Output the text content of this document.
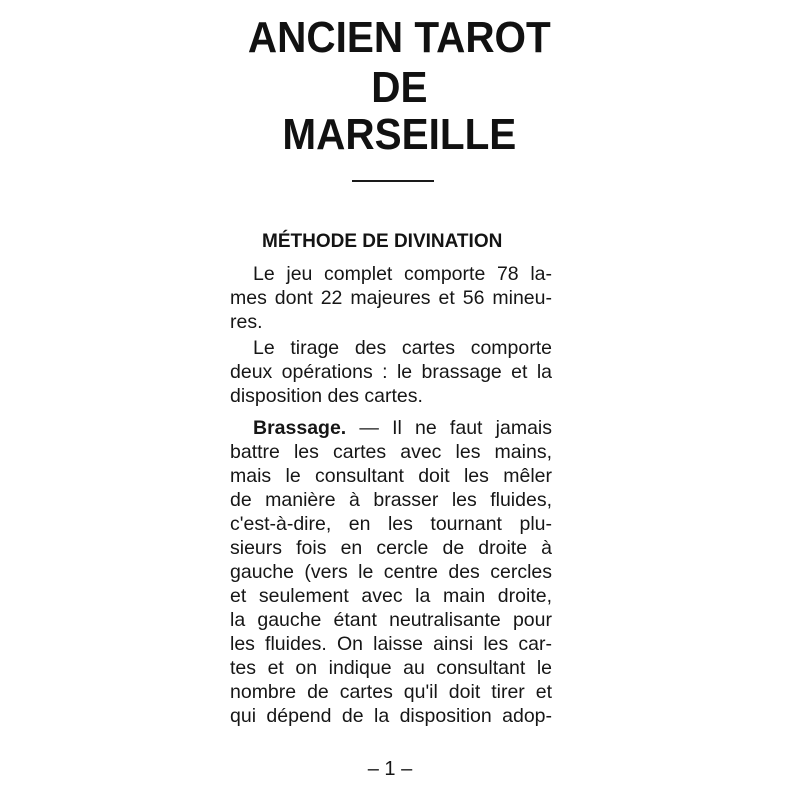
ANCIEN TAROT
DE
MARSEILLE
MÉTHODE DE DIVINATION
Le jeu complet comporte 78 la-
mes dont 22 majeures et 56 mineu-
res.
Le tirage des cartes comporte
deux opérations : le brassage et la
disposition des cartes.
Brassage. — Il ne faut jamais
battre les cartes avec les mains,
mais le consultant doit les mêler
de manière à brasser les fluides,
c'est-à-dire, en les tournant plu-
sieurs fois en cercle de droite à
gauche (vers le centre des cercles
et seulement avec la main droite,
la gauche étant neutralisante pour
les fluides. On laisse ainsi les car-
tes et on indique au consultant le
nombre de cartes qu'il doit tirer et
qui dépend de la disposition adop-
– 1 –
